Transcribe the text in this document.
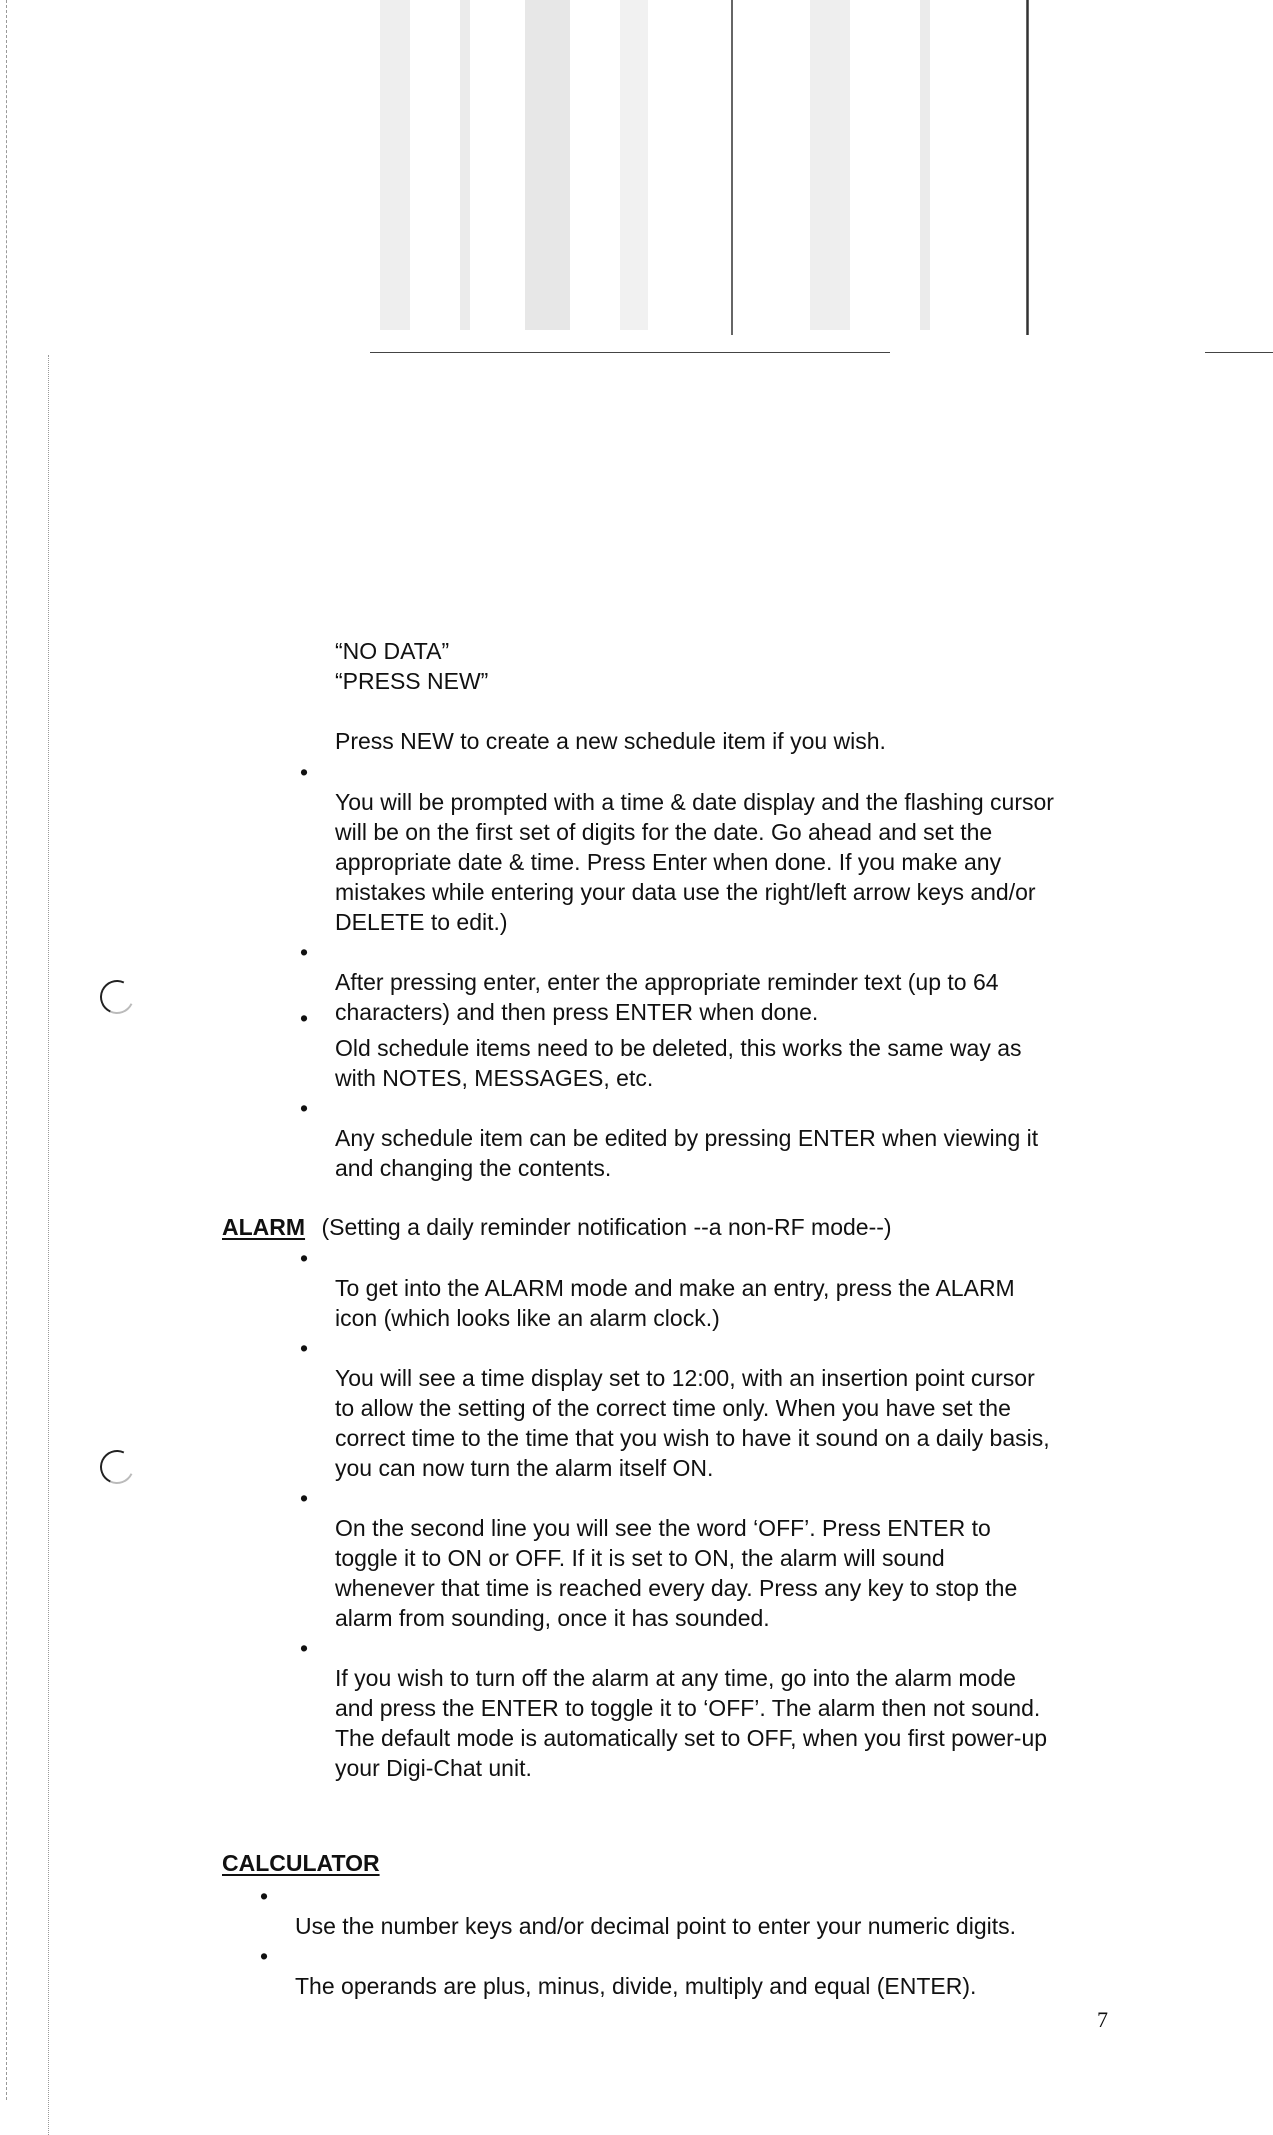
“NO DATA”
“PRESS NEW”
Press NEW to create a new schedule item if you wish.

•
You will be prompted with a time & date display and the flashing cursor
will be on the first set of digits for the date. Go ahead and set the
appropriate date & time. Press Enter when done. If you make any
mistakes while entering your data use the right/left arrow keys and/or
DELETE to edit.)

•
After pressing enter, enter the appropriate reminder text (up to 64
characters) and then press ENTER when done.

•
Old schedule items need to be deleted, this works the same way as
with NOTES, MESSAGES, etc.

•
Any schedule item can be edited by pressing ENTER when viewing it
and changing the contents.

ALARM (Setting a daily reminder notification --a non-RF mode--)

•
To get into the ALARM mode and make an entry, press the ALARM
icon (which looks like an alarm clock.)

•
You will see a time display set to 12:00, with an insertion point cursor
to allow the setting of the correct time only. When you have set the
correct time to the time that you wish to have it sound on a daily basis,
you can now turn the alarm itself ON.

•
On the second line you will see the word ‘OFF’. Press ENTER to
toggle it to ON or OFF. If it is set to ON, the alarm will sound
whenever that time is reached every day. Press any key to stop the
alarm from sounding, once it has sounded.

•
If you wish to turn off the alarm at any time, go into the alarm mode
and press the ENTER to toggle it to ‘OFF’. The alarm then not sound.
The default mode is automatically set to OFF, when you first power-up
your Digi-Chat unit.

CALCULATOR

•
Use the number keys and/or decimal point to enter your numeric digits.

•
The operands are plus, minus, divide, multiply and equal (ENTER).

7
